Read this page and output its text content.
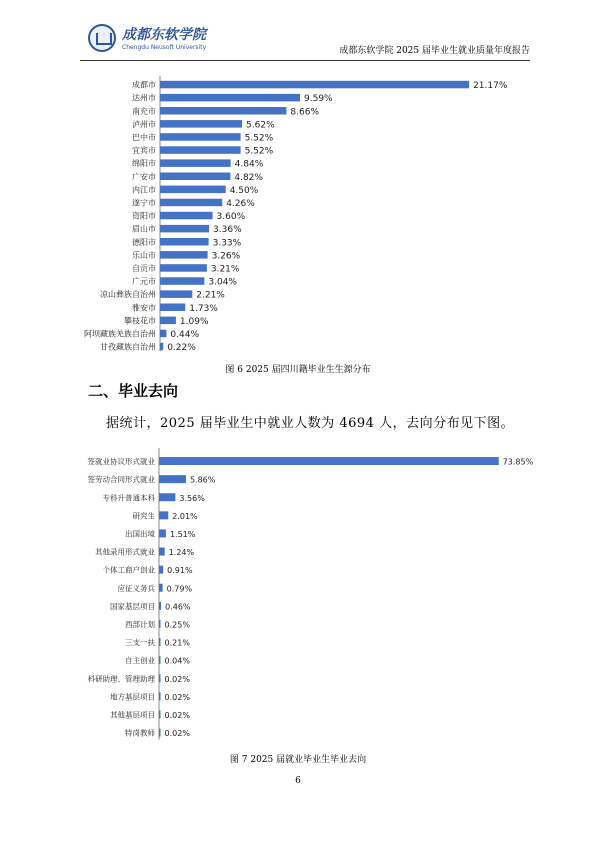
成都东软学院
Chengdu Neusoft University	成都东软学院 2025 届毕业生就业质量年度报告
成都市	21.17%
达州市	9.59%
南充市	8.66%
泸州市	5.62%
巴中市	5.52%
宜宾市	5.52%
绵阳市	4.84%
广安市	4.82%
内江市	4.50%
遂宁市	4.26%
资阳市	3.60%
眉山市	3.36%
德阳市	3.33%
乐山市	3.26%
自贡市	3.21%
广元市	3.04%
凉山彝族自治州	2.21%
雅安市	1.73%
攀枝花市	1.09%
阿坝藏族羌族自治州 0.44%
甘孜藏族自治州 0.22%
图 6 2025 届四川籍毕业生生源分布
二、毕业去向
据统计，2025 届毕业生中就业人数为 4694 人，去向分布见下图。
签就业协议形式就业	73.85%
签劳动合同形式就业	5.86%
专科升普通本科	3.56%
研究生 2.01%
出国出境 1.51%
其他录用形式就业 1.24%
个体工商户创业 0.91%
应征义务兵 0.79%
国家基层项目 0.46%
西部计划 0.25%
三支一扶 0.21%
自主创业 0.04%
科研助理、管理助理 0.02%
地方基层项目 0.02%
其他基层项目 0.02%
特岗教师 0.02%
图 7 2025 届就业毕业生毕业去向
6
